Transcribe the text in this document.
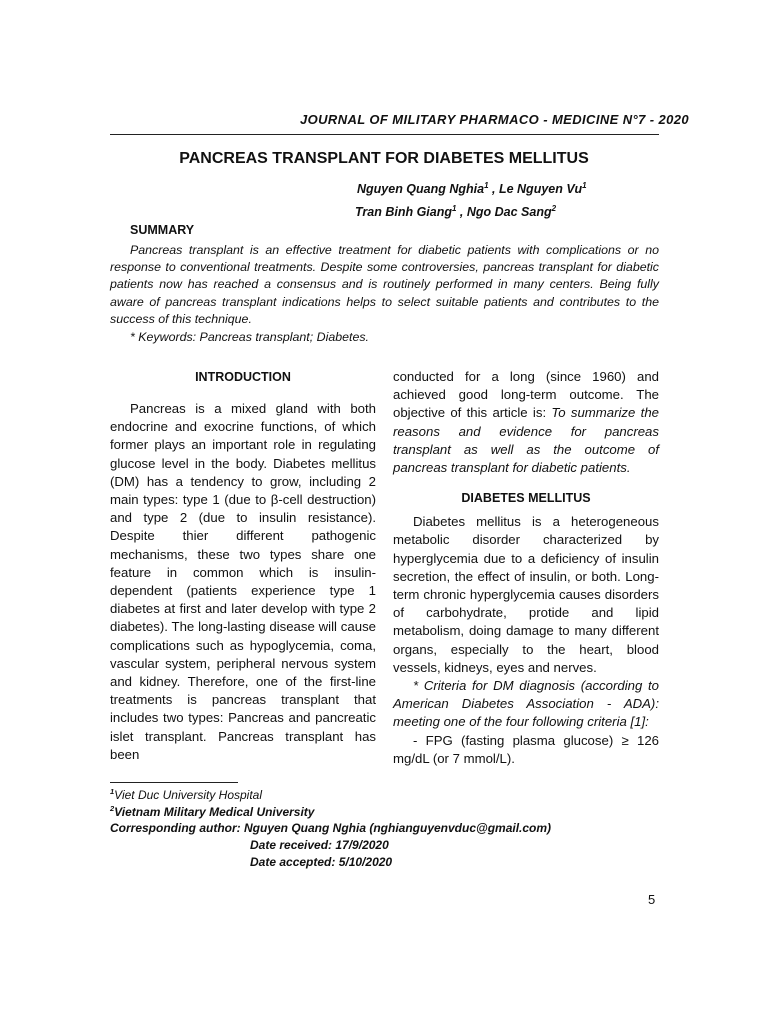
JOURNAL OF MILITARY PHARMACO - MEDICINE N°7 - 2020
PANCREAS TRANSPLANT FOR DIABETES MELLITUS
Nguyen Quang Nghia$^1$ , Le Nguyen Vu$^1$
Tran Binh Giang$^1$ , Ngo Dac Sang$^2$
SUMMARY
Pancreas transplant is an effective treatment for diabetic patients with complications or no response to conventional treatments. Despite some controversies, pancreas transplant for diabetic patients now has reached a consensus and is routinely performed in many centers. Being fully aware of pancreas transplant indications helps to select suitable patients and contributes to the success of this technique.
* Keywords: Pancreas transplant; Diabetes.
INTRODUCTION

Pancreas is a mixed gland with both endocrine and exocrine functions, of which former plays an important role in regulating glucose level in the body. Diabetes mellitus (DM) has a tendency to grow, including 2 main types: type 1 (due to β-cell destruction) and type 2 (due to insulin resistance). Despite thier different pathogenic mechanisms, these two types share one feature in common which is insulin-dependent (patients experience type 1 diabetes at first and later develop with type 2 diabetes). The long-lasting disease will cause complications such as hypoglycemia, coma, vascular system, peripheral nervous system and kidney. Therefore, one of the first-line treatments is pancreas transplant that includes two types: Pancreas and pancreatic islet transplant. Pancreas transplant has been

conducted for a long (since 1960) and achieved good long-term outcome. The objective of this article is: To summarize the reasons and evidence for pancreas transplant as well as the outcome of pancreas transplant for diabetic patients.

DIABETES MELLITUS

Diabetes mellitus is a heterogeneous metabolic disorder characterized by hyperglycemia due to a deficiency of insulin secretion, the effect of insulin, or both. Long-term chronic hyperglycemia causes disorders of carbohydrate, protide and lipid metabolism, doing damage to many different organs, especially to the heart, blood vessels, kidneys, eyes and nerves.

* Criteria for DM diagnosis (according to American Diabetes Association - ADA): meeting one of the four following criteria [1]:

- FPG (fasting plasma glucose) ≥ 126 mg/dL (or 7 mmol/L).

$^1$Viet Duc University Hospital
$^2$Vietnam Military Medical University
Corresponding author: Nguyen Quang Nghia (nghianguyenvduc@gmail.com)
Date received: 17/9/2020
Date accepted: 5/10/2020
5
